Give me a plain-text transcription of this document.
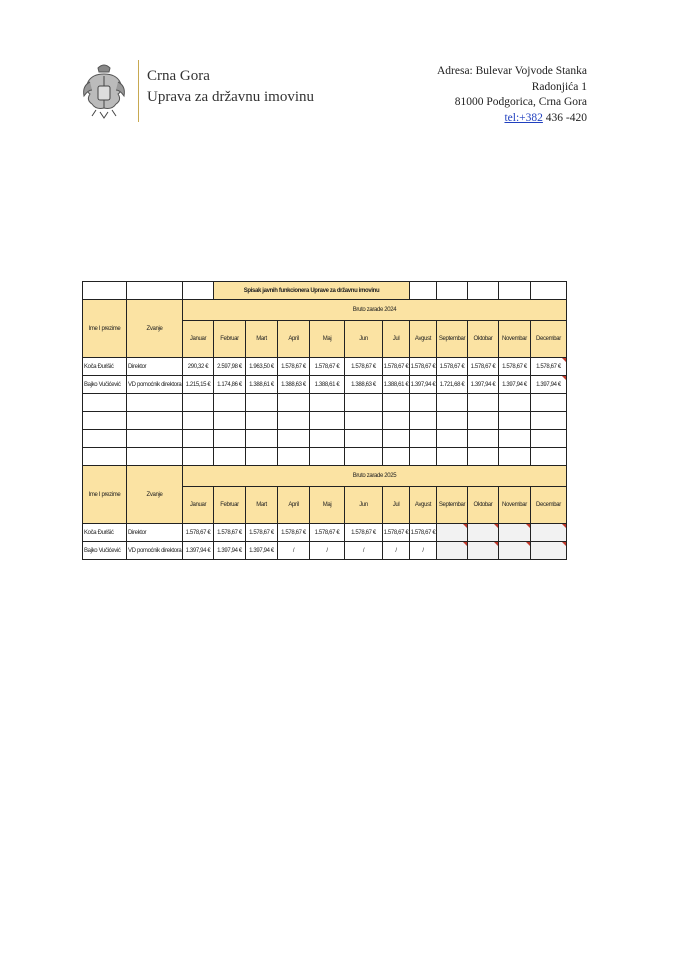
Crna Gora
Uprava za državnu imovinu
Adresa: Bulevar Vojvode Stanka
Radonjića 1
81000 Podgorica, Crna Gora
tel:+382 436 -420
			Spisak javnih funkcionera Uprave za državnu imovinu										
Ime I prezime	Zvanje	Bruto zarade 2024											
		Januar	Februar	Mart	April	Maj	Jun	Jul	Avgust	Septembar	Oktobar	Novembar	Decembar
Koča Đurišić	Direktor	290,32 €	2.597,98 €	1.963,50 €	1.578,67 €	1.578,67 €	1.578,67 €	1.578,67 €	1.578,67 €	1.578,67 €	1.578,67 €	1.578,67 €	1.578,67 €
Bajko Vučićević	VD pomoćnik direktora	1.215,15 €	1.174,86 €	1.388,61 €	1.388,63 €	1.388,61 €	1.388,63 €	1.388,61 €	1.397,94 €	1.721,68 €	1.397,94 €	1.397,94 €	1.397,94 €

Ime I prezime	Zvanje	Bruto zarade 2025											
		Januar	Februar	Mart	April	Maj	Jun	Jul	Avgust	Septembar	Oktobar	Novembar	Decembar
Koča Đurišić	Direktor	1.578,67 €	1.578,67 €	1.578,67 €	1.578,67 €	1.578,67 €	1.578,67 €	1.578,67 €	1.578,67 €				
Bajko Vučićević	VD pomoćnik direktora	1.397,94 €	1.397,94 €	1.397,94 €	/	/	/	/	/				
